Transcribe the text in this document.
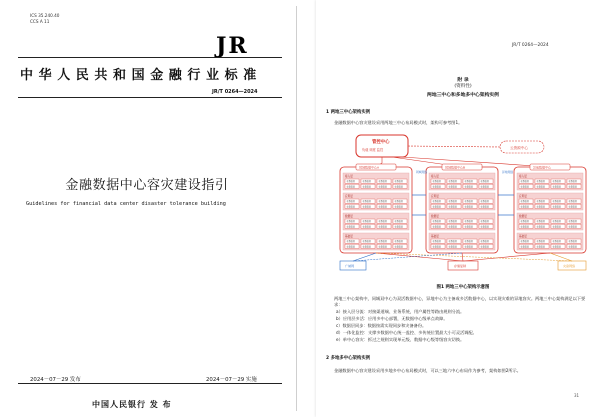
ICS 35.240.40
CCS A 11
JR
中华人民共和国金融行业标准
JR/T 0264—2024
金融数据中心容灾建设指引
Guidelines for financial data center disaster tolerance building
2024－07－29 发布	2024－07－29 实施
中国人民银行 发 布
JR/T 0264—2024
附 录
(资料性)
两地三中心和多地多中心架构实例
1 两地三中心架构实例
金融数据中心容灾建设采用两地三中心布局模式时，架构可参考图1。
管控中心
负载 调度 监控	云资源中心
同城数据中心A
接入层
业务服务	业务服务	业务服务	业务服务
业务服务	业务服务	业务服务	业务服务
应用层
业务服务	业务服务	业务服务	业务服务
业务服务	业务服务	业务服务	业务服务
数据层
业务服务	业务服务	业务服务	业务服务
业务服务	业务服务	业务服务	业务服务
基础层
业务服务	业务服务	业务服务	业务服务
业务服务	业务服务	业务服务	业务服务
同城数据中心B
接入层
业务服务	业务服务	业务服务	业务服务
业务服务	业务服务	业务服务	业务服务
应用层
业务服务	业务服务	业务服务	业务服务
业务服务	业务服务	业务服务	业务服务
数据层
业务服务	业务服务	业务服务	业务服务
业务服务	业务服务	业务服务	业务服务
基础层
业务服务	业务服务	业务服务	业务服务
业务服务	业务服务	业务服务	业务服务
异地数据中心
接入层
业务服务	业务服务	业务服务	业务服务
业务服务	业务服务	业务服务	业务服务
应用层
业务服务	业务服务	业务服务	业务服务
业务服务	业务服务	业务服务	业务服务
数据层
业务服务	业务服务	业务服务	业务服务
业务服务	业务服务	业务服务	业务服务
基础层
业务服务	业务服务	业务服务	业务服务
业务服务	业务服务	业务服务	业务服务
同城网络	异地网络
广域网	存储复制	灾备网络
图1 两地三中心架构示意图
两地三中心架构中，同城双中心为双活数据中心，异地中心为主备或多活数据中心，以实现灾难的异地容灾。两地三中心架构满足以下要求：
a）接入层分流：对接渠道端、业务系统，用户属性等路由规则分流。
b）应用层多活：应用多中心部署，无数据中心级单点故障。
c）数据层同步：数据按需实现同步和灾备备份。
d）一体化监控：支撑多数据中心统一监控、多传统位置最大小可灵活调配。
e）单中心容灾：拆过之规则实现单元级、数据中心级等级容灾切换。
2 多地多中心架构实例
金融数据中心容灾建设采用多地多中心布局模式时，可以三地六中心布局作为参考，架构如图2所示。
31
